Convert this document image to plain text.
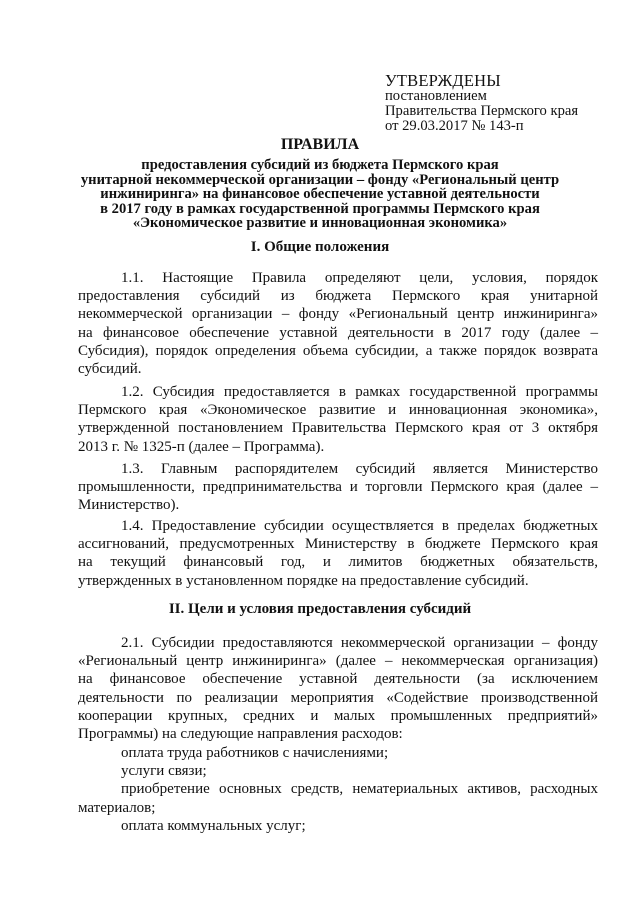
УТВЕРЖДЕНЫ
постановлением
Правительства Пермского края
от 29.03.2017 № 143-п
ПРАВИЛА
предоставления субсидий из бюджета Пермского края
унитарной некоммерческой организации – фонду «Региональный центр
инжиниринга» на финансовое обеспечение уставной деятельности
в 2017 году в рамках государственной программы Пермского края
«Экономическое развитие и инновационная экономика»
I. Общие положения
1.1. Настоящие Правила определяют цели, условия, порядок
предоставления субсидий из бюджета Пермского края унитарной
некоммерческой организации – фонду «Региональный центр инжиниринга»
на финансовое обеспечение уставной деятельности в 2017 году (далее –
Субсидия), порядок определения объема субсидии, а также порядок возврата
субсидий.
1.2. Субсидия предоставляется в рамках государственной программы
Пермского края «Экономическое развитие и инновационная экономика»,
утвержденной постановлением Правительства Пермского края от 3 октября
2013 г. № 1325-п (далее – Программа).
1.3. Главным распорядителем субсидий является Министерство
промышленности, предпринимательства и торговли Пермского края (далее –
Министерство).
1.4. Предоставление субсидии осуществляется в пределах бюджетных
ассигнований, предусмотренных Министерству в бюджете Пермского края
на текущий финансовый год, и лимитов бюджетных обязательств,
утвержденных в установленном порядке на предоставление субсидий.
II. Цели и условия предоставления субсидий
2.1. Субсидии предоставляются некоммерческой организации – фонду
«Региональный центр инжиниринга» (далее – некоммерческая организация)
на финансовое обеспечение уставной деятельности (за исключением
деятельности по реализации мероприятия «Содействие производственной
кооперации крупных, средних и малых промышленных предприятий»
Программы) на следующие направления расходов:
оплата труда работников с начислениями;
услуги связи;
приобретение основных средств, нематериальных активов, расходных
материалов;
оплата коммунальных услуг;
